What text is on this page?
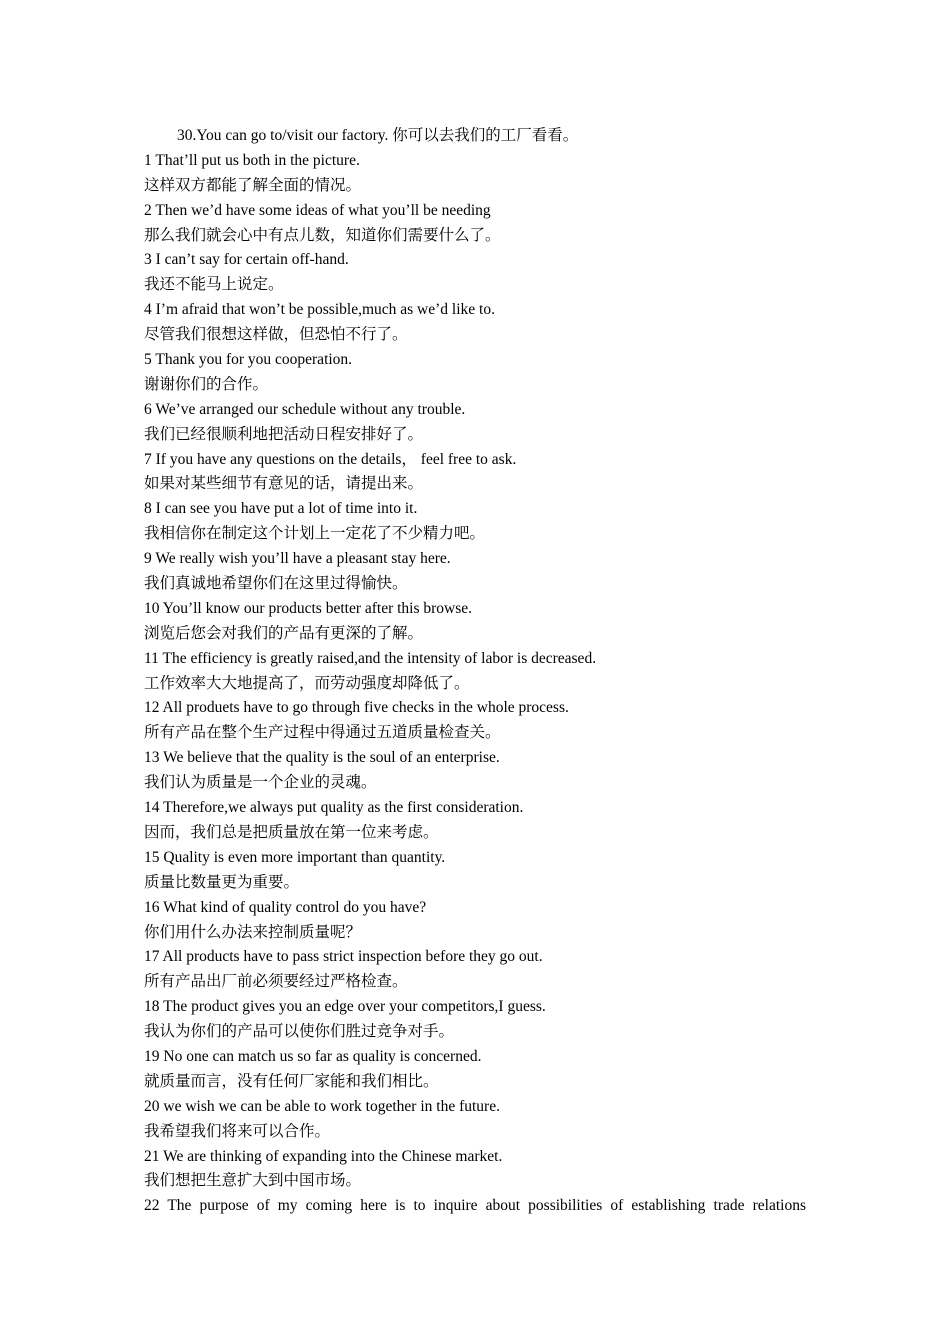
30.You can go to/visit our factory. 你可以去我们的工厂看看。
1 That’ll put us both in the picture.
这样双方都能了解全面的情况。
2 Then we’d have some ideas of what you’ll be needing
那么我们就会心中有点儿数，知道你们需要什么了。
3 I can’t say for certain off-hand.
我还不能马上说定。
4 I’m afraid that won’t be possible,much as we’d like to.
尽管我们很想这样做，但恐怕不行了。
5 Thank you for you cooperation.
谢谢你们的合作。
6 We’ve arranged our schedule without any trouble.
我们已经很顺利地把活动日程安排好了。
7 If you have any questions on the details， feel free to ask.
如果对某些细节有意见的话，请提出来。
8 I can see you have put a lot of time into it.
我相信你在制定这个计划上一定花了不少精力吧。
9 We really wish you’ll have a pleasant stay here.
我们真诚地希望你们在这里过得愉快。
10 You’ll know our products better after this browse.
浏览后您会对我们的产品有更深的了解。
11 The efficiency is greatly raised,and the intensity of labor is decreased.
工作效率大大地提高了，而劳动强度却降低了。
12 All produets have to go through five checks in the whole process.
所有产品在整个生产过程中得通过五道质量检查关。
13 We believe that the quality is the soul of an enterprise.
我们认为质量是一个企业的灵魂。
14 Therefore,we always put quality as the first consideration.
因而，我们总是把质量放在第一位来考虑。
15 Quality is even more important than quantity.
质量比数量更为重要。
16 What kind of quality control do you have?
你们用什么办法来控制质量呢？
17 All products have to pass strict inspection before they go out.
所有产品出厂前必须要经过严格检查。
18 The product gives you an edge over your competitors,I guess.
我认为你们的产品可以使你们胜过竞争对手。
19 No one can match us so far as quality is concerned.
就质量而言，没有任何厂家能和我们相比。
20 we wish we can be able to work together in the future.
我希望我们将来可以合作。
21 We are thinking of expanding into the Chinese market.
我们想把生意扩大到中国市场。
22 The purpose of my coming here is to inquire about possibilities of establishing trade relations
